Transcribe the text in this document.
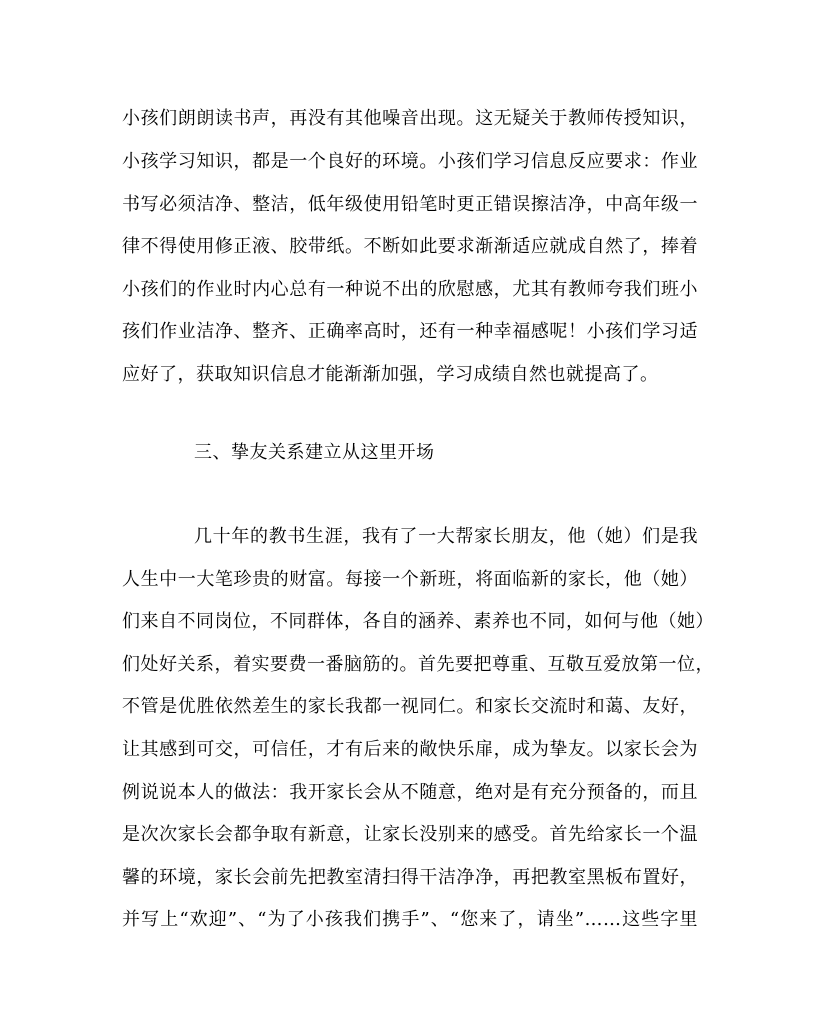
小孩们朗朗读书声，再没有其他噪音出现。这无疑关于教师传授知识，
小孩学习知识，都是一个良好的环境。小孩们学习信息反应要求：作业
书写必须洁净、整洁，低年级使用铅笔时更正错误擦洁净，中高年级一
律不得使用修正液、胶带纸。不断如此要求渐渐适应就成自然了，捧着
小孩们的作业时内心总有一种说不出的欣慰感，尤其有教师夸我们班小
孩们作业洁净、整齐、正确率高时，还有一种幸福感呢！小孩们学习适
应好了，获取知识信息才能渐渐加强，学习成绩自然也就提高了。
三、挚友关系建立从这里开场
几十年的教书生涯，我有了一大帮家长朋友，他（她）们是我
人生中一大笔珍贵的财富。每接一个新班，将面临新的家长，他（她）
们来自不同岗位，不同群体，各自的涵养、素养也不同，如何与他（她）
们处好关系，着实要费一番脑筋的。首先要把尊重、互敬互爱放第一位，
不管是优胜依然差生的家长我都一视同仁。和家长交流时和蔼、友好，
让其感到可交，可信任，才有后来的敞快乐扉，成为挚友。以家长会为
例说说本人的做法：我开家长会从不随意，绝对是有充分预备的，而且
是次次家长会都争取有新意，让家长没别来的感受。首先给家长一个温
馨的环境，家长会前先把教室清扫得干洁净净，再把教室黑板布置好，
并写上“欢迎”、“为了小孩我们携手”、“您来了，请坐”……这些字里
